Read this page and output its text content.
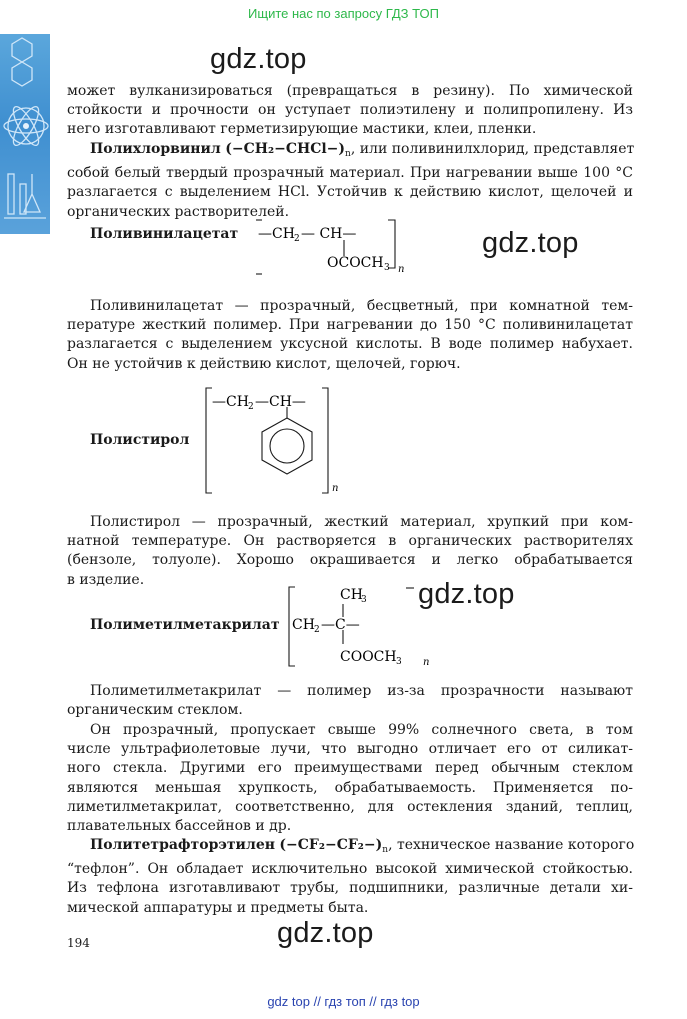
Ищите нас по запросу ГДЗ ТОП
gdz.top
gdz.top
gdz.top
gdz.top
может вулканизироваться (превращаться в резину). По химической
стойкости и прочности он уступает полиэтилену и полипропилену. Из
него изготавливают герметизирующие мастики, клеи, пленки.
Полихлорвинил $(-CH_2-CHCl-)_n$, или поливинилхлорид, представляет
собой белый твердый прозрачный материал. При нагревании выше 100 °С
разлагается с выделением HCl. Устойчив к действию кислот, щелочей и
органических растворителей.
Поливинилацетат —CH 2 — CH—
OCOCH 3 n
Поливинилацетат — прозрачный, бесцветный, при комнатной тем-
пературе жесткий полимер. При нагревании до 150 °С поливинилацетат
разлагается с выделением уксусной кислоты. В воде полимер набухает.
Он не устойчив к действию кислот, щелочей, горюч.
Полистирол
—CH 2 —CH—
n
Полистирол — прозрачный, жесткий материал, хрупкий при ком-
натной температуре. Он растворяется в органических растворителях
(бензоле, толуоле). Хорошо окрашивается и легко обрабатывается
в изделие.
Полиметилметакрилат
CH
3
CH 2 —C—
COOCH 3 n
Полиметилметакрилат — полимер из-за прозрачности называют
органическим стеклом.
Он прозрачный, пропускает свыше 99% солнечного света, в том
числе ультрафиолетовые лучи, что выгодно отличает его от силикат-
ного стекла. Другими его преимуществами перед обычным стеклом
являются меньшая хрупкость, обрабатываемость. Применяется по-
лиметилметакрилат, соответственно, для остекления зданий, теплиц,
плавательных бассейнов и др.
Политетрафторэтилен $(-CF_2-CF_2-)_n$, техническое название которого
“тефлон”. Он обладает исключительно высокой химической стойкостью.
Из тефлона изготавливают трубы, подшипники, различные детали хи-
мической аппаратуры и предметы быта.
194
gdz top // гдз топ // гдз top
